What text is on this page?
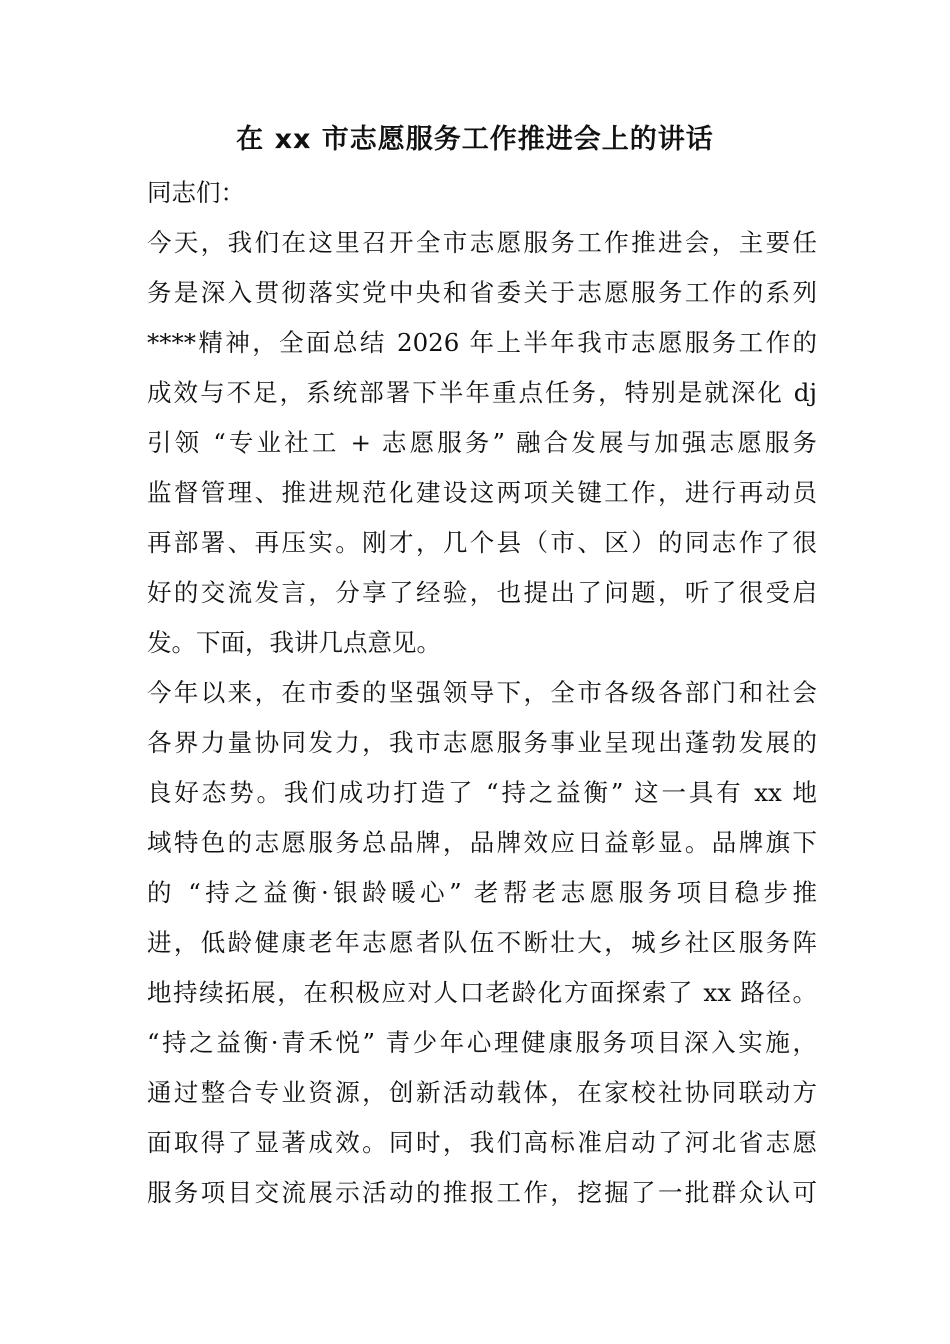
在 xx 市志愿服务工作推进会上的讲话
同志们：
今天，我们在这里召开全市志愿服务工作推进会，主要任
务是深入贯彻落实党中央和省委关于志愿服务工作的系列
****精神，全面总结 2026 年上半年我市志愿服务工作的
成效与不足，系统部署下半年重点任务，特别是就深化 dj
引领 “专业社工 + 志愿服务” 融合发展与加强志愿服务
监督管理、推进规范化建设这两项关键工作，进行再动员
再部署、再压实。刚才，几个县（市、区）的同志作了很
好的交流发言，分享了经验，也提出了问题，听了很受启
发。下面，我讲几点意见。
今年以来，在市委的坚强领导下，全市各级各部门和社会
各界力量协同发力，我市志愿服务事业呈现出蓬勃发展的
良好态势。我们成功打造了 “持之益衡” 这一具有 xx 地
域特色的志愿服务总品牌，品牌效应日益彰显。品牌旗下
的 “持之益衡·银龄暖心” 老帮老志愿服务项目稳步推
进，低龄健康老年志愿者队伍不断壮大，城乡社区服务阵
地持续拓展，在积极应对人口老龄化方面探索了 xx 路径。
“持之益衡·青禾悦” 青少年心理健康服务项目深入实施，
通过整合专业资源，创新活动载体，在家校社协同联动方
面取得了显著成效。同时，我们高标准启动了河北省志愿
服务项目交流展示活动的推报工作，挖掘了一批群众认可
